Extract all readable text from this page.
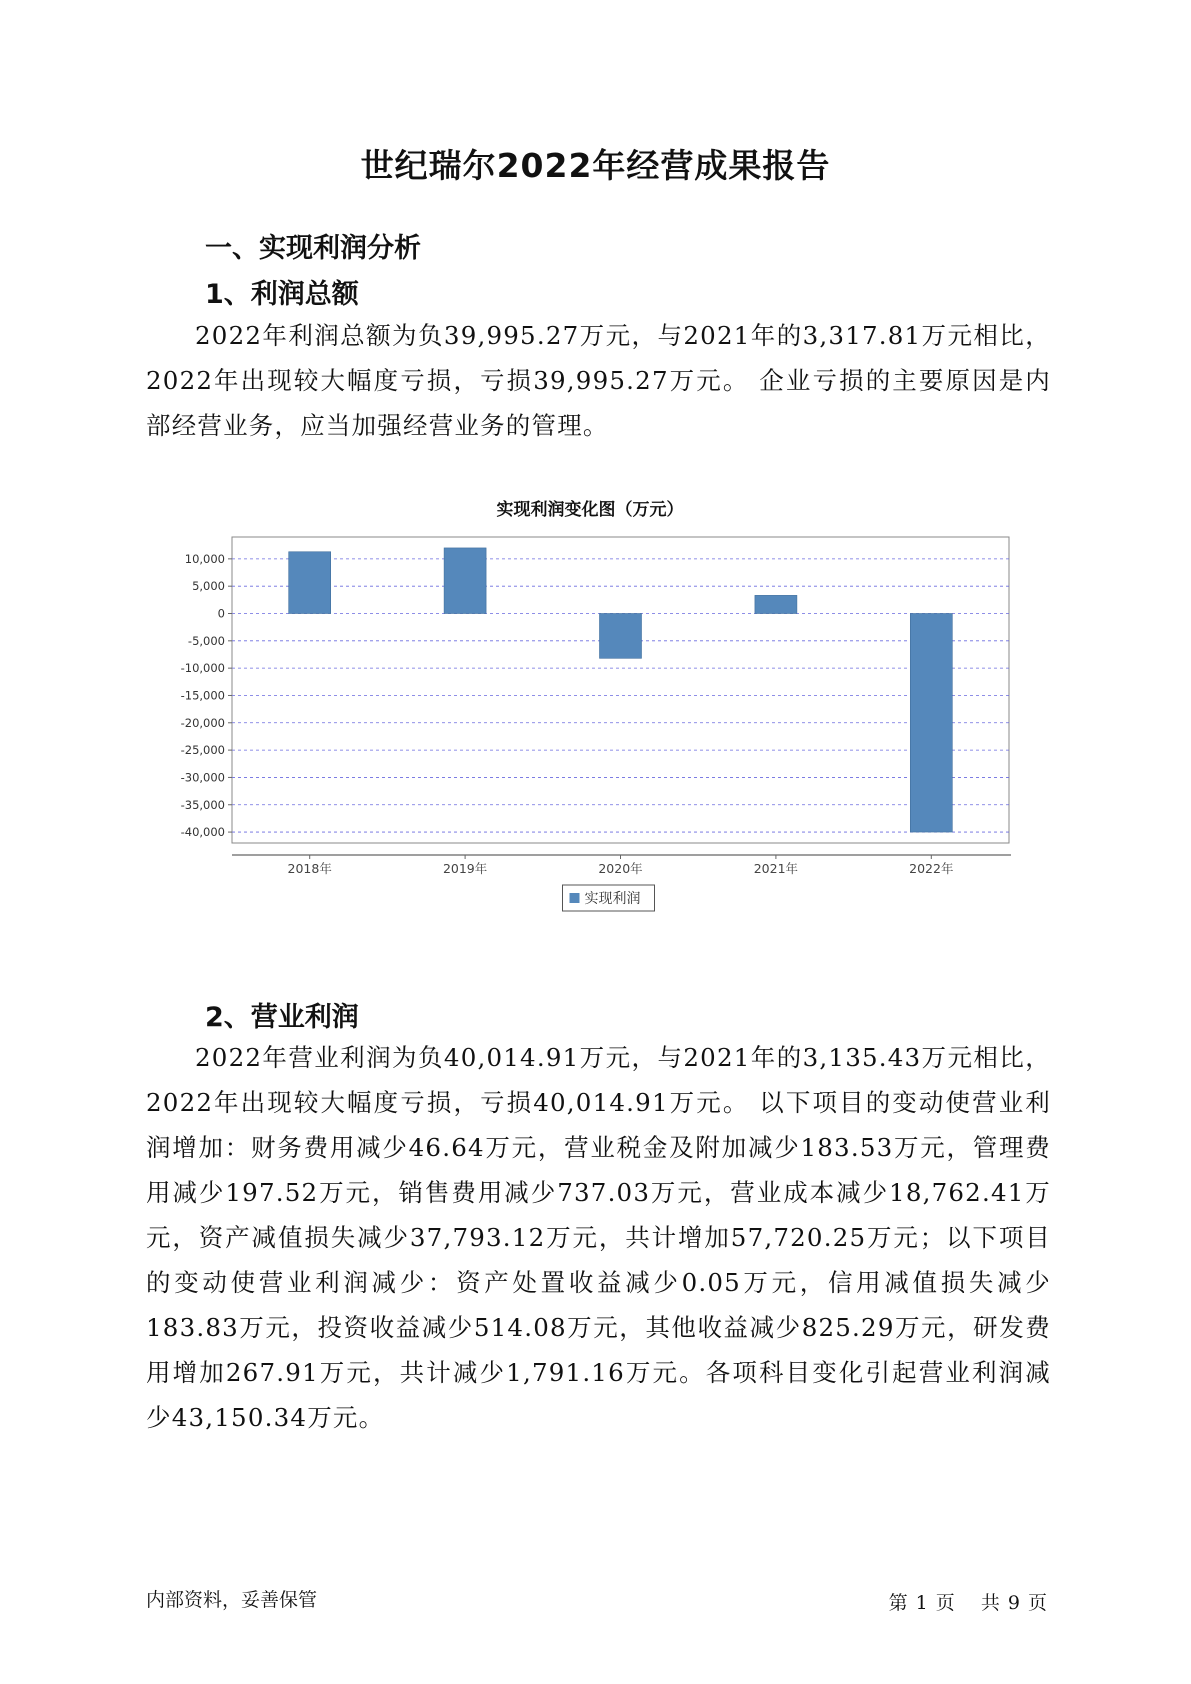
世纪瑞尔2022年经营成果报告
一、实现利润分析
1、利润总额

2022年利润总额为负39,995.27万元，与2021年的3,317.81万元相比，2022年出现较大幅度亏损，亏损39,995.27万元。 企业亏损的主要原因是内部经营业务，应当加强经营业务的管理。

实现利润变化图（万元）
10,000
5,000
0
-5,000
-10,000
-15,000
-20,000
-25,000
-30,000
-35,000
-40,000
2018年	2019年	2020年	2021年	2022年
实现利润
2、营业利润

2022年营业利润为负40,014.91万元，与2021年的3,135.43万元相比，2022年出现较大幅度亏损，亏损40,014.91万元。 以下项目的变动使营业利润增加：财务费用减少46.64万元，营业税金及附加减少183.53万元，管理费用减少197.52万元，销售费用减少737.03万元，营业成本减少18,762.41万元，资产减值损失减少37,793.12万元，共计增加57,720.25万元；以下项目的变动使营业利润减少：资产处置收益减少0.05万元，信用减值损失减少183.83万元，投资收益减少514.08万元，其他收益减少825.29万元，研发费用增加267.91万元，共计减少1,791.16万元。各项科目变化引起营业利润减少43,150.34万元。

内部资料，妥善保管	第 1 页 共 9 页
